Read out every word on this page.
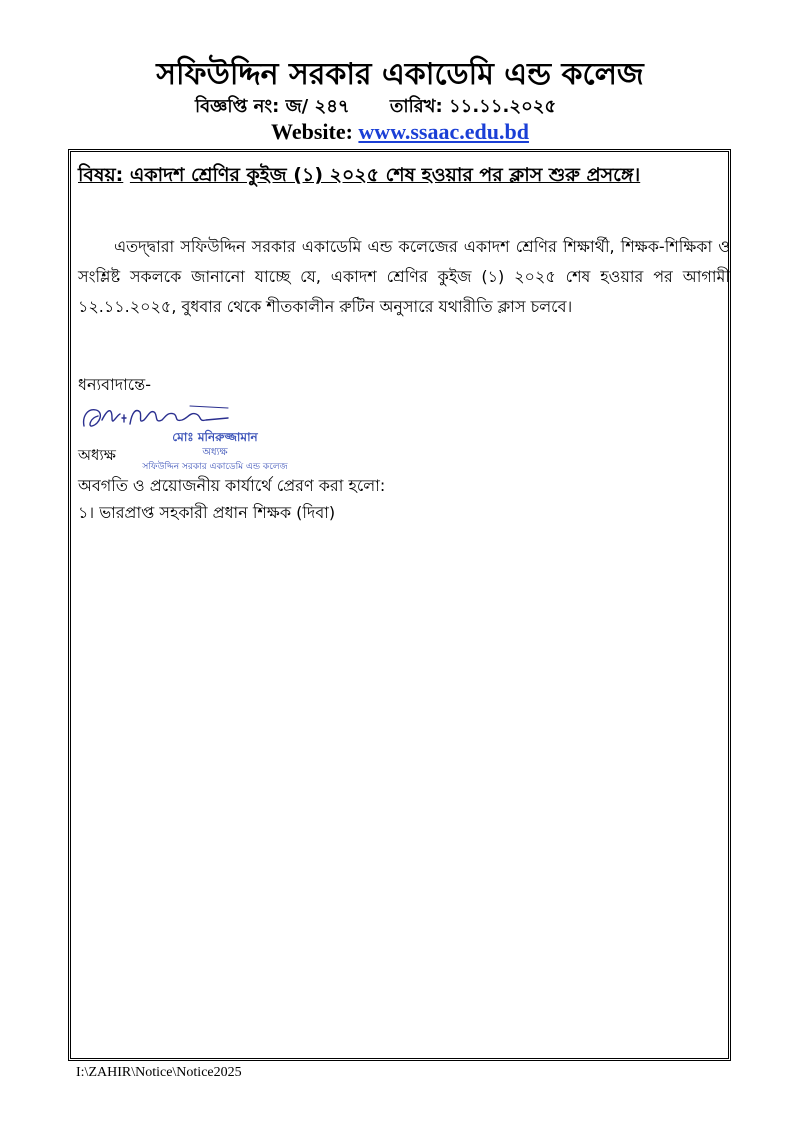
সফিউদ্দিন সরকার একাডেমি এন্ড কলেজ
বিজ্ঞপ্তি নং: জ/ ২৪৭ তারিখ: ১১.১১.২০২৫
Website: www.ssaac.edu.bd
বিষয়: একাদশ শ্রেণির কুইজ (১) ২০২৫ শেষ হওয়ার পর ক্লাস শুরু প্রসঙ্গে।
এতদ্দ্বারা সফিউদ্দিন সরকার একাডেমি এন্ড কলেজের একাদশ শ্রেণির শিক্ষার্থী, শিক্ষক-শিক্ষিকা ও সংশ্লিষ্ট সকলকে জানানো যাচ্ছে যে, একাদশ শ্রেণির কুইজ (১) ২০২৫ শেষ হওয়ার পর আগামী ১২.১১.২০২৫, বুধবার থেকে শীতকালীন রুটিন অনুসারে যথারীতি ক্লাস চলবে।
ধন্যবাদান্তে-
মোঃ মনিরুজ্জামান
অধ্যক্ষ
সফিউদ্দিন সরকার একাডেমি এন্ড কলেজ
অধ্যক্ষ
অবগতি ও প্রয়োজনীয় কার্যার্থে প্রেরণ করা হলো:
১। ভারপ্রাপ্ত সহকারী প্রধান শিক্ষক (দিবা)
I:\ZAHIR\Notice\Notice2025
